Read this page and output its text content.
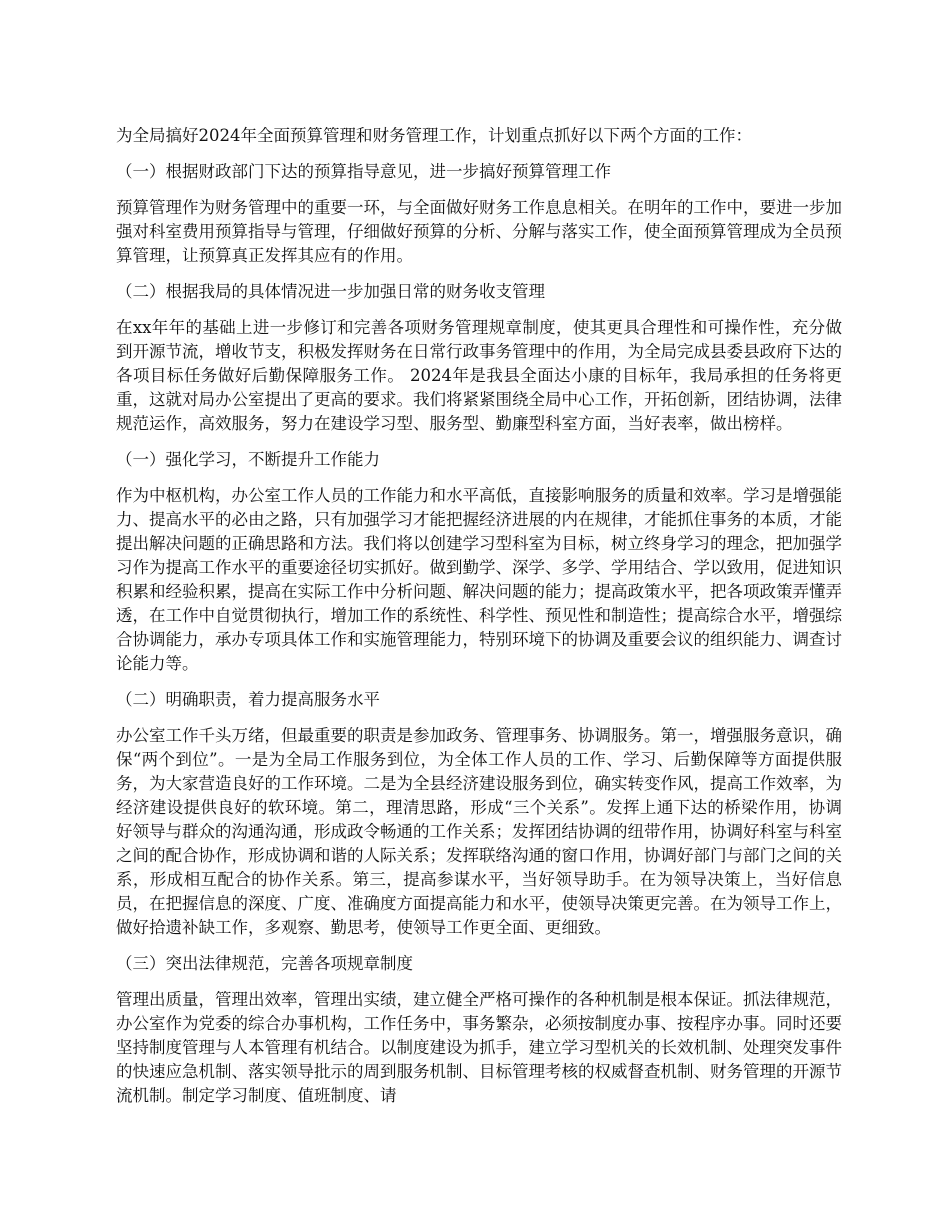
为全局搞好2024年全面预算管理和财务管理工作，计划重点抓好以下两个方面的工作：

（一）根据财政部门下达的预算指导意见，进一步搞好预算管理工作

预算管理作为财务管理中的重要一环，与全面做好财务工作息息相关。在明年的工作中，要进一步加强对科室费用预算指导与管理，仔细做好预算的分析、分解与落实工作，使全面预算管理成为全员预算管理，让预算真正发挥其应有的作用。

（二）根据我局的具体情况进一步加强日常的财务收支管理

在xx年年的基础上进一步修订和完善各项财务管理规章制度，使其更具合理性和可操作性，充分做到开源节流，增收节支，积极发挥财务在日常行政事务管理中的作用，为全局完成县委县政府下达的各项目标任务做好后勤保障服务工作。 2024年是我县全面达小康的目标年，我局承担的任务将更重，这就对局办公室提出了更高的要求。我们将紧紧围绕全局中心工作，开拓创新，团结协调，法律规范运作，高效服务，努力在建设学习型、服务型、勤廉型科室方面，当好表率，做出榜样。

（一）强化学习，不断提升工作能力

作为中枢机构，办公室工作人员的工作能力和水平高低，直接影响服务的质量和效率。学习是增强能力、提高水平的必由之路，只有加强学习才能把握经济进展的内在规律，才能抓住事务的本质，才能提出解决问题的正确思路和方法。我们将以创建学习型科室为目标，树立终身学习的理念，把加强学习作为提高工作水平的重要途径切实抓好。做到勤学、深学、多学、学用结合、学以致用，促进知识积累和经验积累，提高在实际工作中分析问题、解决问题的能力；提高政策水平，把各项政策弄懂弄透，在工作中自觉贯彻执行，增加工作的系统性、科学性、预见性和制造性；提高综合水平，增强综合协调能力，承办专项具体工作和实施管理能力，特别环境下的协调及重要会议的组织能力、调查讨论能力等。

（二）明确职责，着力提高服务水平

办公室工作千头万绪，但最重要的职责是参加政务、管理事务、协调服务。第一，增强服务意识，确保“两个到位”。一是为全局工作服务到位，为全体工作人员的工作、学习、后勤保障等方面提供服务，为大家营造良好的工作环境。二是为全县经济建设服务到位，确实转变作风，提高工作效率，为经济建设提供良好的软环境。第二，理清思路，形成“三个关系”。发挥上通下达的桥梁作用，协调好领导与群众的沟通沟通，形成政令畅通的工作关系；发挥团结协调的纽带作用，协调好科室与科室之间的配合协作，形成协调和谐的人际关系；发挥联络沟通的窗口作用，协调好部门与部门之间的关系，形成相互配合的协作关系。第三，提高参谋水平，当好领导助手。在为领导决策上，当好信息员，在把握信息的深度、广度、准确度方面提高能力和水平，使领导决策更完善。在为领导工作上，做好拾遗补缺工作，多观察、勤思考，使领导工作更全面、更细致。

（三）突出法律规范，完善各项规章制度

管理出质量，管理出效率，管理出实绩，建立健全严格可操作的各种机制是根本保证。抓法律规范，办公室作为党委的综合办事机构，工作任务中，事务繁杂，必须按制度办事、按程序办事。同时还要坚持制度管理与人本管理有机结合。以制度建设为抓手，建立学习型机关的长效机制、处理突发事件的快速应急机制、落实领导批示的周到服务机制、目标管理考核的权威督查机制、财务管理的开源节流机制。制定学习制度、值班制度、请
